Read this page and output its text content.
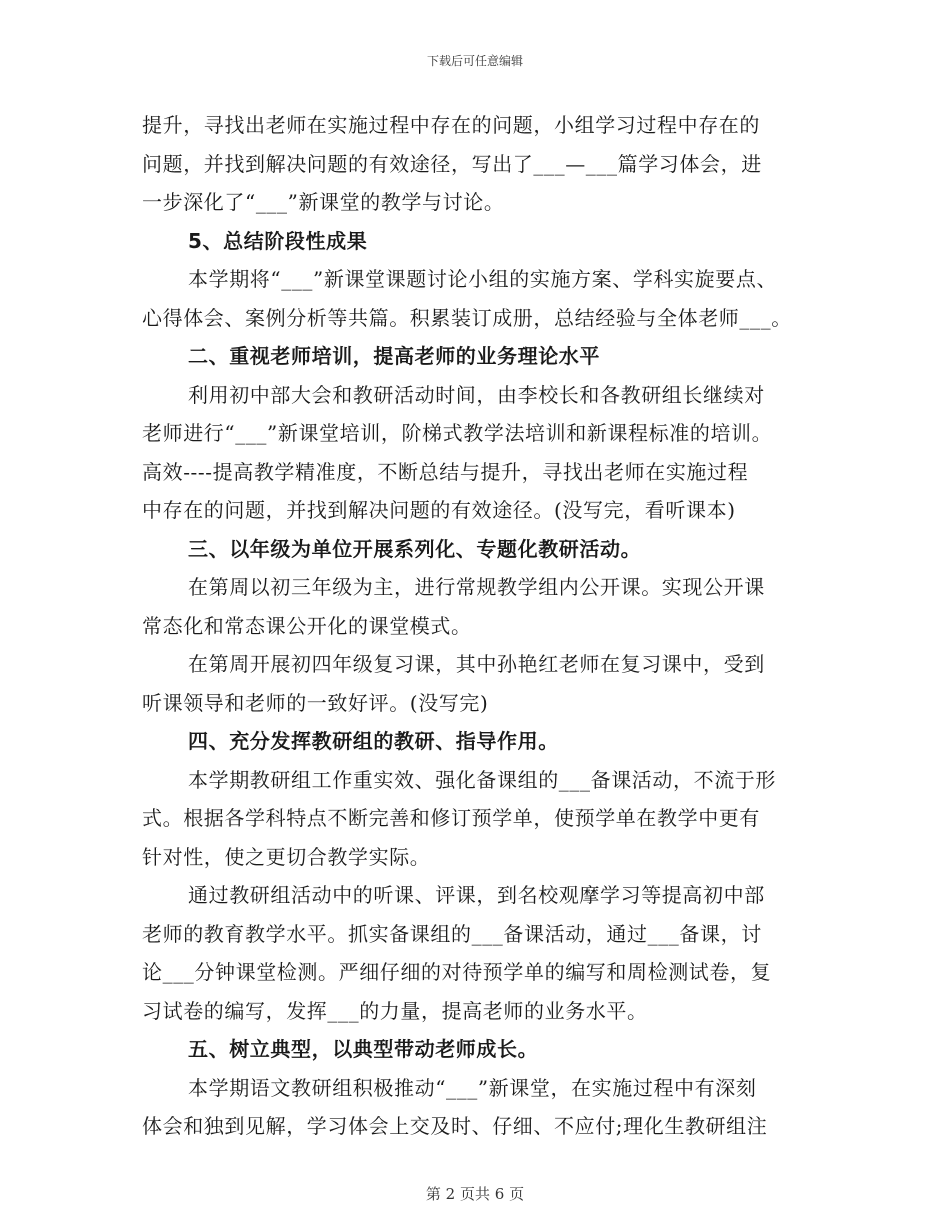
下载后可任意编辑
提升，寻找出老师在实施过程中存在的问题，小组学习过程中存在的
问题，并找到解决问题的有效途径，写出了___—___篇学习体会，进
一步深化了“___”新课堂的教学与讨论。
5、总结阶段性成果
本学期将“___”新课堂课题讨论小组的实施方案、学科实旋要点、
心得体会、案例分析等共篇。积累装订成册，总结经验与全体老师___。
二、重视老师培训，提高老师的业务理论水平
利用初中部大会和教研活动时间，由李校长和各教研组长继续对
老师进行“___”新课堂培训，阶梯式教学法培训和新课程标准的培训。
高效----提高教学精准度，不断总结与提升，寻找出老师在实施过程
中存在的问题，并找到解决问题的有效途径。(没写完，看听课本)
三、以年级为单位开展系列化、专题化教研活动。
在第周以初三年级为主，进行常规教学组内公开课。实现公开课
常态化和常态课公开化的课堂模式。
在第周开展初四年级复习课，其中孙艳红老师在复习课中，受到
听课领导和老师的一致好评。(没写完)
四、充分发挥教研组的教研、指导作用。
本学期教研组工作重实效、强化备课组的___备课活动，不流于形
式。根据各学科特点不断完善和修订预学单，使预学单在教学中更有
针对性，使之更切合教学实际。
通过教研组活动中的听课、评课，到名校观摩学习等提高初中部
老师的教育教学水平。抓实备课组的___备课活动，通过___备课，讨
论___分钟课堂检测。严细仔细的对待预学单的编写和周检测试卷，复
习试卷的编写，发挥___的力量，提高老师的业务水平。
五、树立典型，以典型带动老师成长。
本学期语文教研组积极推动“___”新课堂，在实施过程中有深刻
体会和独到见解，学习体会上交及时、仔细、不应付;理化生教研组注
第 2 页共 6 页
